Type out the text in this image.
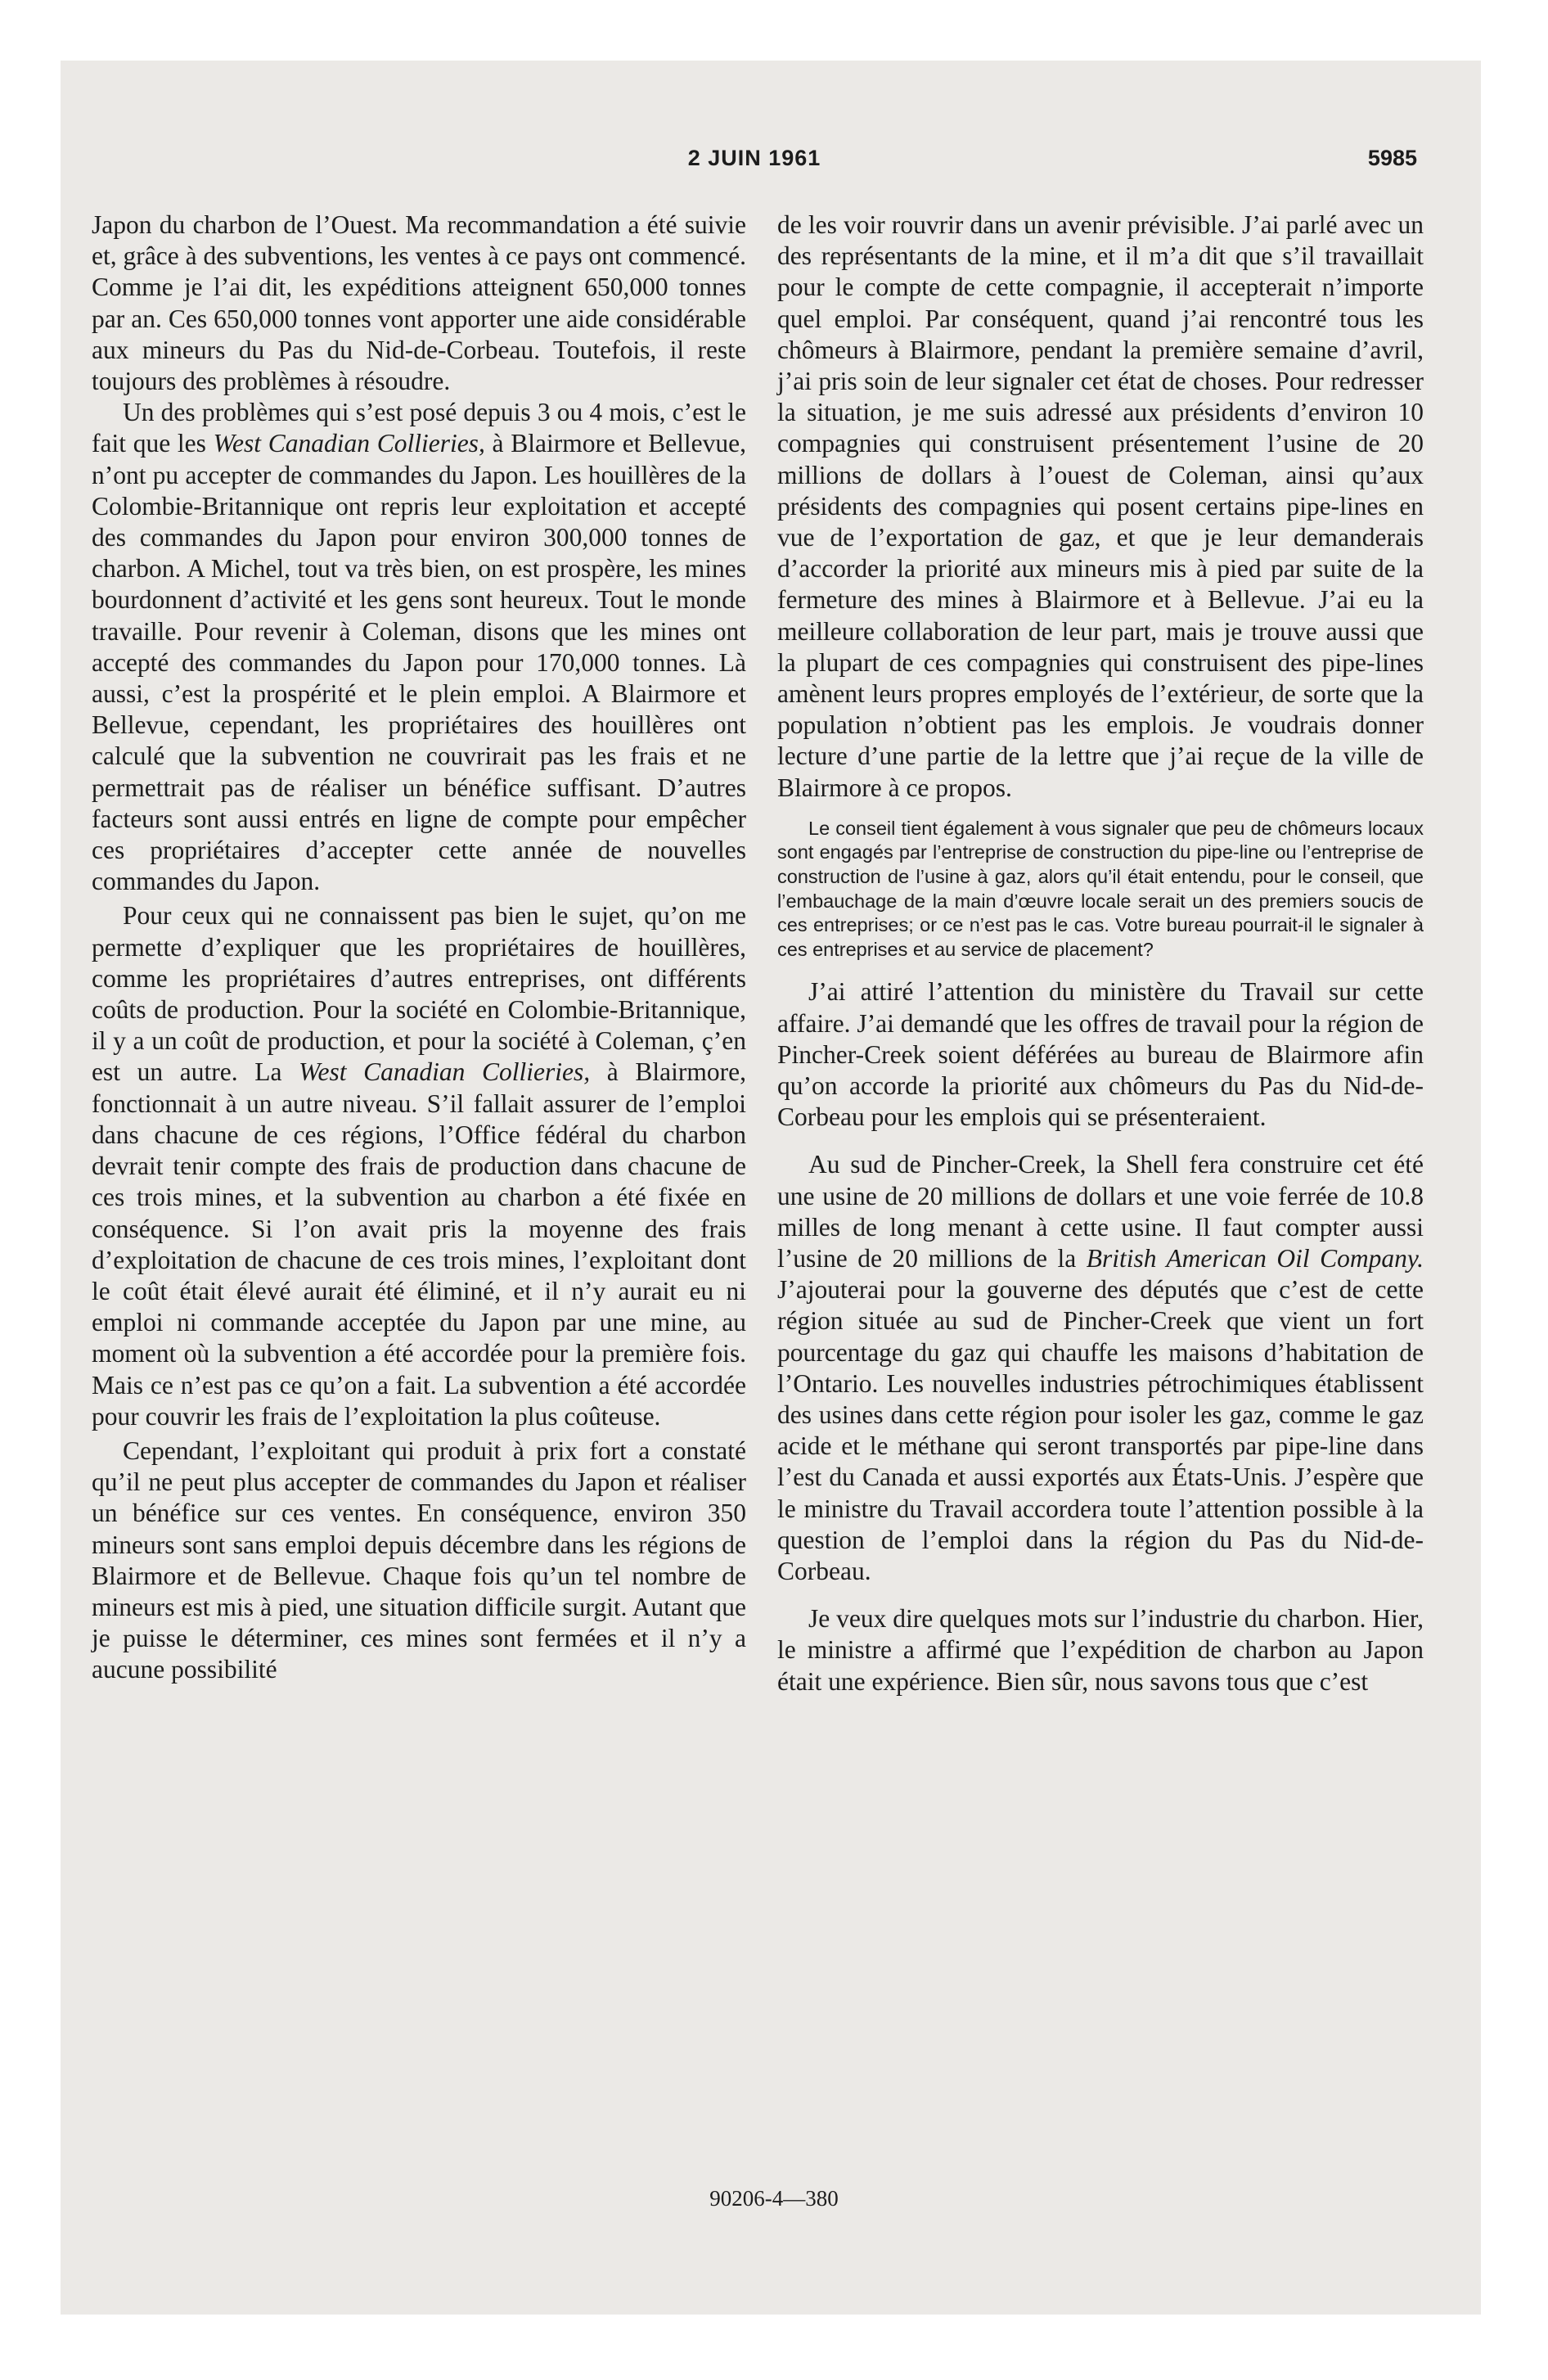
2 JUIN 1961	5985

Japon du charbon de l’Ouest. Ma recommandation a été suivie et, grâce à des subventions, les ventes à ce pays ont commencé. Comme je l’ai dit, les expéditions atteignent 650,000 tonnes par an. Ces 650,000 tonnes vont apporter une aide considérable aux mineurs du Pas du Nid-de-Corbeau. Toutefois, il reste toujours des problèmes à résoudre.

Un des problèmes qui s’est posé depuis 3 ou 4 mois, c’est le fait que les West Canadian Collieries, à Blairmore et Bellevue, n’ont pu accepter de commandes du Japon. Les houillères de la Colombie-Britannique ont repris leur exploitation et accepté des commandes du Japon pour environ 300,000 tonnes de charbon. A Michel, tout va très bien, on est prospère, les mines bourdonnent d’activité et les gens sont heureux. Tout le monde travaille. Pour revenir à Coleman, disons que les mines ont accepté des commandes du Japon pour 170,000 tonnes. Là aussi, c’est la prospérité et le plein emploi. A Blairmore et Bellevue, cependant, les propriétaires des houillères ont calculé que la subvention ne couvrirait pas les frais et ne permettrait pas de réaliser un bénéfice suffisant. D’autres facteurs sont aussi entrés en ligne de compte pour empêcher ces propriétaires d’accepter cette année de nouvelles commandes du Japon.

Pour ceux qui ne connaissent pas bien le sujet, qu’on me permette d’expliquer que les propriétaires de houillères, comme les propriétaires d’autres entreprises, ont différents coûts de production. Pour la société en Colombie-Britannique, il y a un coût de production, et pour la société à Coleman, ç’en est un autre. La West Canadian Collieries, à Blairmore, fonctionnait à un autre niveau. S’il fallait assurer de l’emploi dans chacune de ces régions, l’Office fédéral du charbon devrait tenir compte des frais de production dans chacune de ces trois mines, et la subvention au charbon a été fixée en conséquence. Si l’on avait pris la moyenne des frais d’exploitation de chacune de ces trois mines, l’exploitant dont le coût était élevé aurait été éliminé, et il n’y aurait eu ni emploi ni commande acceptée du Japon par une mine, au moment où la subvention a été accordée pour la première fois. Mais ce n’est pas ce qu’on a fait. La subvention a été accordée pour couvrir les frais de l’exploitation la plus coûteuse.

Cependant, l’exploitant qui produit à prix fort a constaté qu’il ne peut plus accepter de commandes du Japon et réaliser un bénéfice sur ces ventes. En conséquence, environ 350 mineurs sont sans emploi depuis décembre dans les régions de Blairmore et de Bellevue. Chaque fois qu’un tel nombre de mineurs est mis à pied, une situation difficile surgit. Autant que je puisse le déterminer, ces mines sont fermées et il n’y a aucune possibilité

de les voir rouvrir dans un avenir prévisible. J’ai parlé avec un des représentants de la mine, et il m’a dit que s’il travaillait pour le compte de cette compagnie, il accepterait n’importe quel emploi. Par conséquent, quand j’ai rencontré tous les chômeurs à Blairmore, pendant la première semaine d’avril, j’ai pris soin de leur signaler cet état de choses. Pour redresser la situation, je me suis adressé aux présidents d’environ 10 compagnies qui construisent présentement l’usine de 20 millions de dollars à l’ouest de Coleman, ainsi qu’aux présidents des compagnies qui posent certains pipe-lines en vue de l’exportation de gaz, et que je leur demanderais d’accorder la priorité aux mineurs mis à pied par suite de la fermeture des mines à Blairmore et à Bellevue. J’ai eu la meilleure collaboration de leur part, mais je trouve aussi que la plupart de ces compagnies qui construisent des pipe-lines amènent leurs propres employés de l’extérieur, de sorte que la population n’obtient pas les emplois. Je voudrais donner lecture d’une partie de la lettre que j’ai reçue de la ville de Blairmore à ce propos.

Le conseil tient également à vous signaler que peu de chômeurs locaux sont engagés par l’entreprise de construction du pipe-line ou l’entreprise de construction de l’usine à gaz, alors qu’il était entendu, pour le conseil, que l’embauchage de la main d’œuvre locale serait un des premiers soucis de ces entreprises; or ce n’est pas le cas. Votre bureau pourrait-il le signaler à ces entreprises et au service de placement?

J’ai attiré l’attention du ministère du Travail sur cette affaire. J’ai demandé que les offres de travail pour la région de Pincher-Creek soient déférées au bureau de Blairmore afin qu’on accorde la priorité aux chômeurs du Pas du Nid-de-Corbeau pour les emplois qui se présenteraient.

Au sud de Pincher-Creek, la Shell fera construire cet été une usine de 20 millions de dollars et une voie ferrée de 10.8 milles de long menant à cette usine. Il faut compter aussi l’usine de 20 millions de la British American Oil Company. J’ajouterai pour la gouverne des députés que c’est de cette région située au sud de Pincher-Creek que vient un fort pourcentage du gaz qui chauffe les maisons d’habitation de l’Ontario. Les nouvelles industries pétrochimiques établissent des usines dans cette région pour isoler les gaz, comme le gaz acide et le méthane qui seront transportés par pipe-line dans l’est du Canada et aussi exportés aux États-Unis. J’espère que le ministre du Travail accordera toute l’attention possible à la question de l’emploi dans la région du Pas du Nid-de-Corbeau.

Je veux dire quelques mots sur l’industrie du charbon. Hier, le ministre a affirmé que l’expédition de charbon au Japon était une expérience. Bien sûr, nous savons tous que c’est

90206-4—380
